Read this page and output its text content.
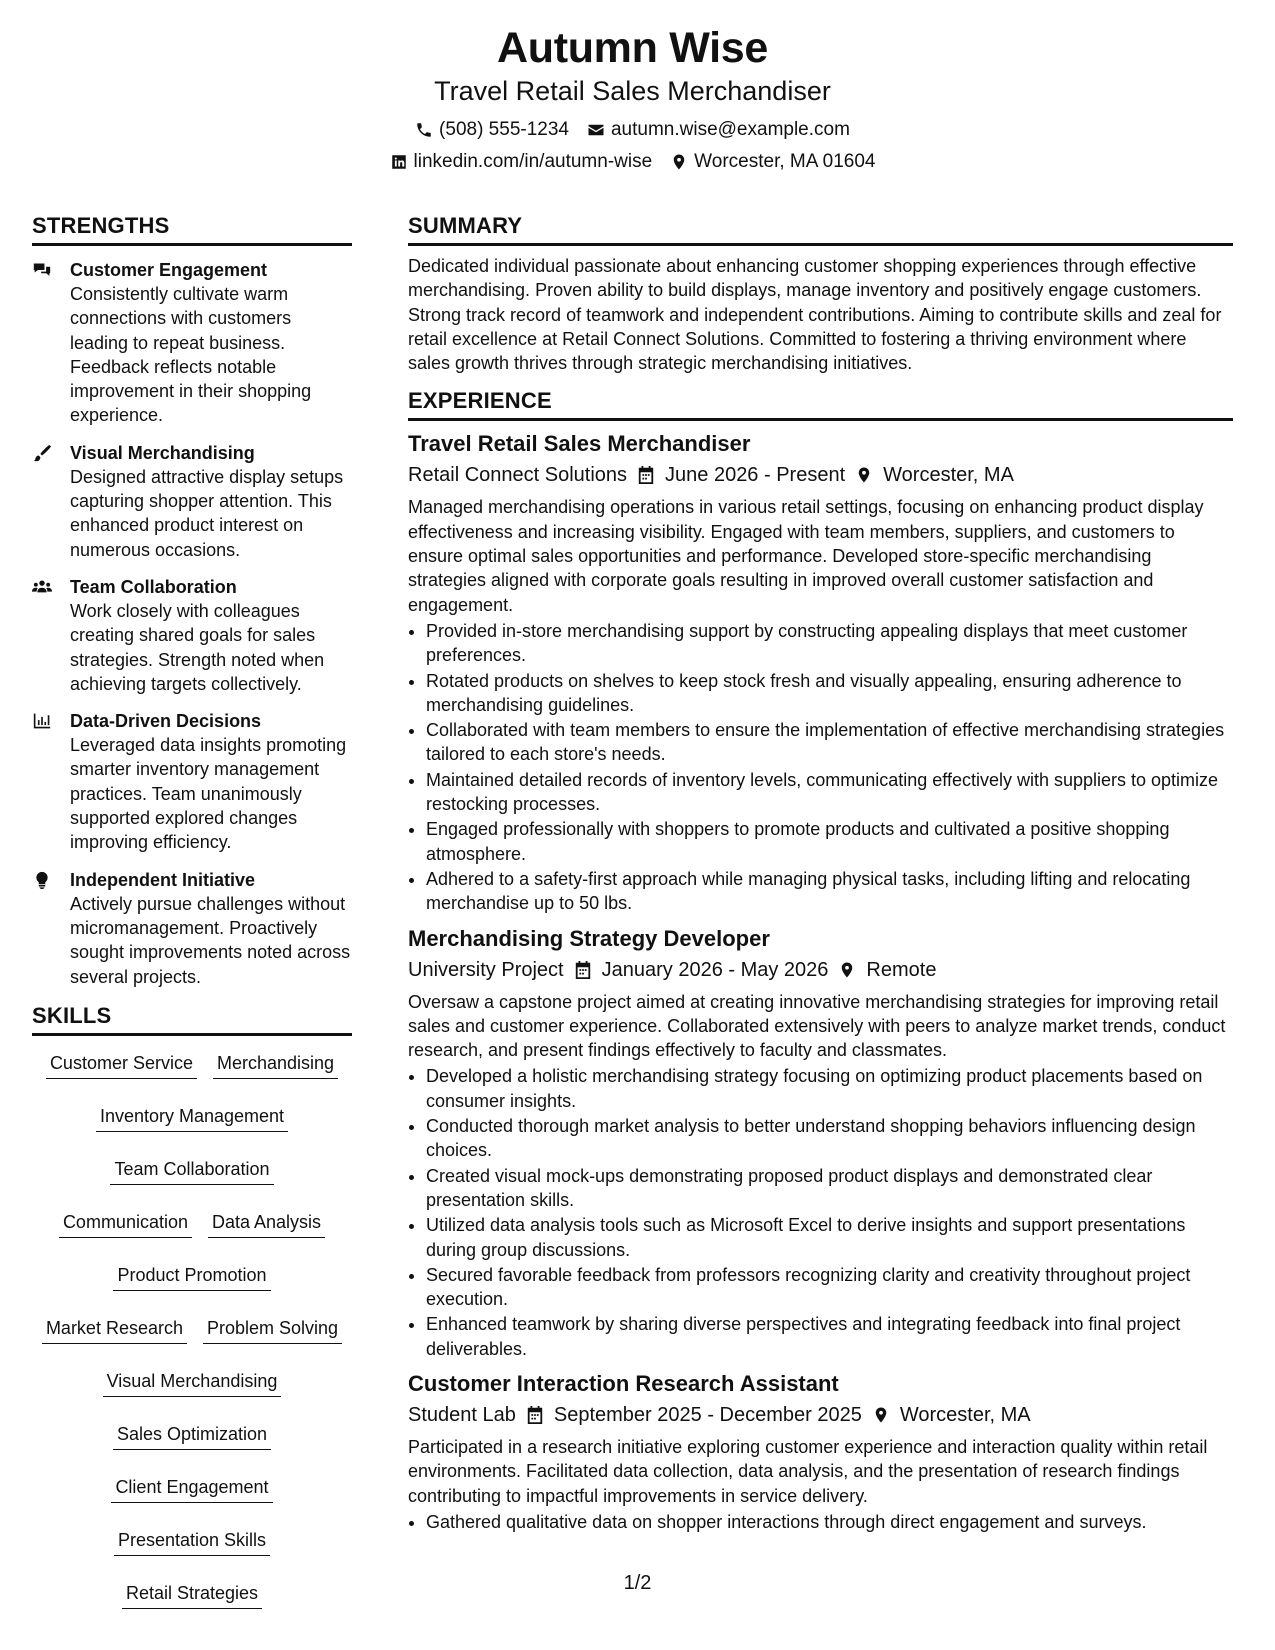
Autumn Wise
Travel Retail Sales Merchandiser
(508) 555-1234 autumn.wise@example.com
linkedin.com/in/autumn-wise Worcester, MA 01604
STRENGTHS
Customer Engagement
Consistently cultivate warm connections with customers leading to repeat business. Feedback reflects notable improvement in their shopping experience.
Visual Merchandising
Designed attractive display setups capturing shopper attention. This enhanced product interest on numerous occasions.
Team Collaboration
Work closely with colleagues creating shared goals for sales strategies. Strength noted when achieving targets collectively.
Data-Driven Decisions
Leveraged data insights promoting smarter inventory management practices. Team unanimously supported explored changes improving efficiency.
Independent Initiative
Actively pursue challenges without micromanagement. Proactively sought improvements noted across several projects.
SKILLS
Customer Service Merchandising
Inventory Management
Team Collaboration
Communication Data Analysis
Product Promotion
Market Research Problem Solving
Visual Merchandising
Sales Optimization
Client Engagement
Presentation Skills
Retail Strategies
SUMMARY

Dedicated individual passionate about enhancing customer shopping experiences through effective merchandising. Proven ability to build displays, manage inventory and positively engage customers. Strong track record of teamwork and independent contributions. Aiming to contribute skills and zeal for retail excellence at Retail Connect Solutions. Committed to fostering a thriving environment where sales growth thrives through strategic merchandising initiatives.

EXPERIENCE
Travel Retail Sales Merchandiser
Retail Connect Solutions June 2026 - Present Worcester, MA

Managed merchandising operations in various retail settings, focusing on enhancing product display effectiveness and increasing visibility. Engaged with team members, suppliers, and customers to ensure optimal sales opportunities and performance. Developed store-specific merchandising strategies aligned with corporate goals resulting in improved overall customer satisfaction and engagement.

• Provided in-store merchandising support by constructing appealing displays that meet customer preferences.
• Rotated products on shelves to keep stock fresh and visually appealing, ensuring adherence to merchandising guidelines.
• Collaborated with team members to ensure the implementation of effective merchandising strategies tailored to each store's needs.
• Maintained detailed records of inventory levels, communicating effectively with suppliers to optimize restocking processes.
• Engaged professionally with shoppers to promote products and cultivated a positive shopping atmosphere.
• Adhered to a safety-first approach while managing physical tasks, including lifting and relocating merchandise up to 50 lbs.
Merchandising Strategy Developer
University Project January 2026 - May 2026 Remote

Oversaw a capstone project aimed at creating innovative merchandising strategies for improving retail sales and customer experience. Collaborated extensively with peers to analyze market trends, conduct research, and present findings effectively to faculty and classmates.

• Developed a holistic merchandising strategy focusing on optimizing product placements based on consumer insights.
• Conducted thorough market analysis to better understand shopping behaviors influencing design choices.
• Created visual mock-ups demonstrating proposed product displays and demonstrated clear presentation skills.
• Utilized data analysis tools such as Microsoft Excel to derive insights and support presentations during group discussions.
• Secured favorable feedback from professors recognizing clarity and creativity throughout project execution.
• Enhanced teamwork by sharing diverse perspectives and integrating feedback into final project deliverables.
Customer Interaction Research Assistant
Student Lab September 2025 - December 2025 Worcester, MA

Participated in a research initiative exploring customer experience and interaction quality within retail environments. Facilitated data collection, data analysis, and the presentation of research findings contributing to impactful improvements in service delivery.

• Gathered qualitative data on shopper interactions through direct engagement and surveys.
1/2
